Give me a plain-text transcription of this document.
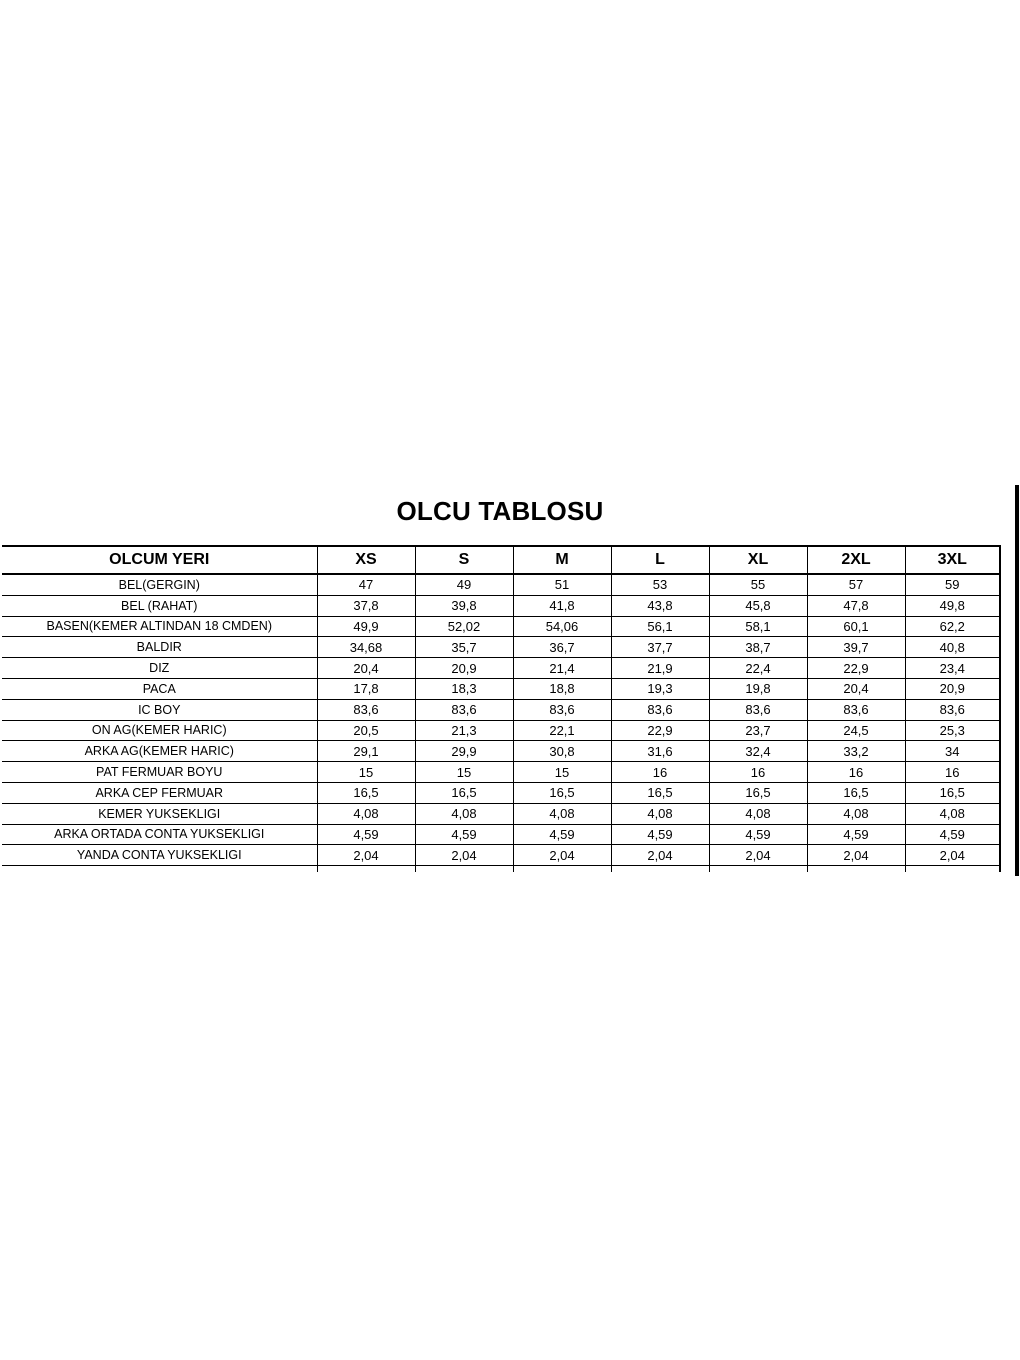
OLCU TABLOSU
OLCUM YERI	XS	S	M	L	XL	2XL	3XL
BEL(GERGIN)	47	49	51	53	55	57	59
BEL (RAHAT)	37,8	39,8	41,8	43,8	45,8	47,8	49,8
BASEN(KEMER ALTINDAN 18 CMDEN)	49,9	52,02	54,06	56,1	58,1	60,1	62,2
BALDIR	34,68	35,7	36,7	37,7	38,7	39,7	40,8
DIZ	20,4	20,9	21,4	21,9	22,4	22,9	23,4
PACA	17,8	18,3	18,8	19,3	19,8	20,4	20,9
IC BOY	83,6	83,6	83,6	83,6	83,6	83,6	83,6
ON AG(KEMER HARIC)	20,5	21,3	22,1	22,9	23,7	24,5	25,3
ARKA AG(KEMER HARIC)	29,1	29,9	30,8	31,6	32,4	33,2	34
PAT FERMUAR BOYU	15	15	15	16	16	16	16
ARKA CEP FERMUAR	16,5	16,5	16,5	16,5	16,5	16,5	16,5
KEMER YUKSEKLIGI	4,08	4,08	4,08	4,08	4,08	4,08	4,08
ARKA ORTADA CONTA YUKSEKLIGI	4,59	4,59	4,59	4,59	4,59	4,59	4,59
YANDA CONTA YUKSEKLIGI	2,04	2,04	2,04	2,04	2,04	2,04	2,04
